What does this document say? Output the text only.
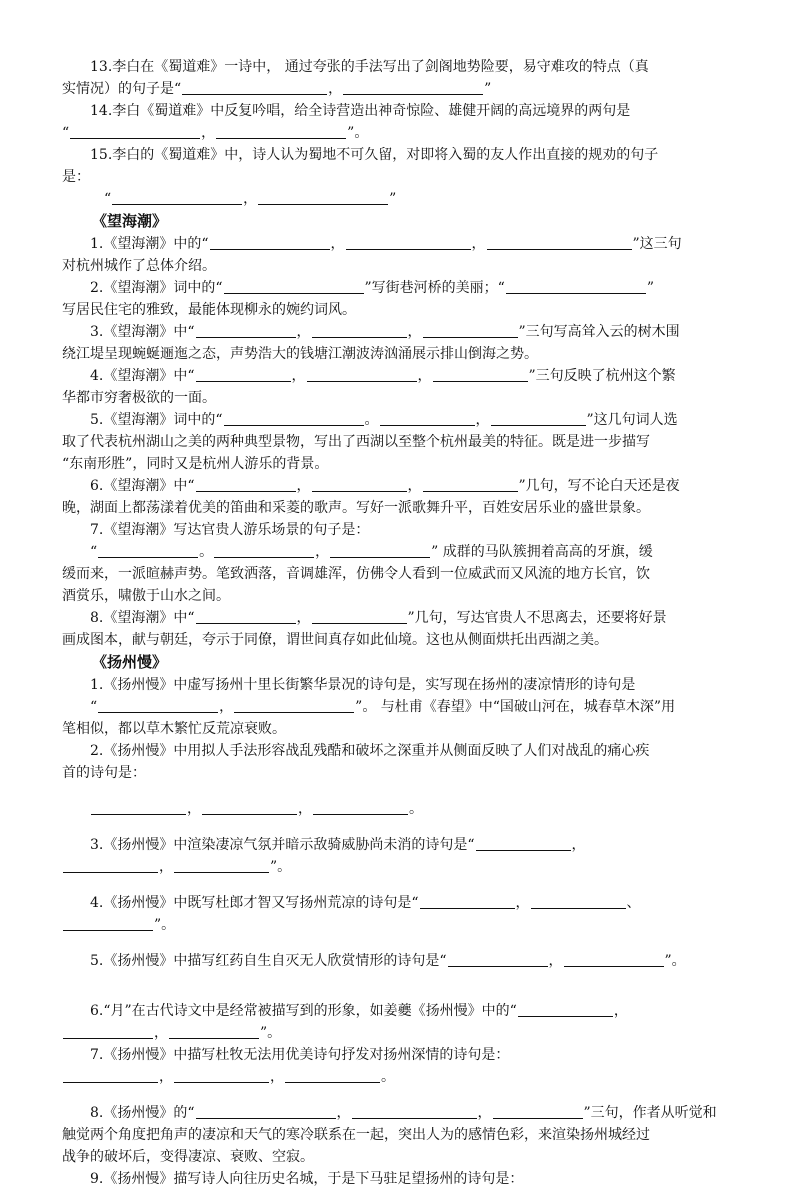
13.李白在《蜀道难》一诗中， 通过夸张的手法写出了剑阁地势险要，易守难攻的特点（真
实情况）的句子是“	，	”
14.李白《蜀道难》中反复吟唱，给全诗营造出神奇惊险、雄健开阔的高远境界的两句是
“	，	”。
15.李白的《蜀道难》中，诗人认为蜀地不可久留，对即将入蜀的友人作出直接的规劝的句子
是：
“	，	”
《望海潮》
1.《望海潮》中的“	，	，	”这三句
对杭州城作了总体介绍。
2.《望海潮》词中的“	”写街巷河桥的美丽；“	”
写居民住宅的雅致，最能体现柳永的婉约词风。
3.《望海潮》中“	，	，	”三句写高耸入云的树木围
绕江堤呈现蜿蜒逦迤之态，声势浩大的钱塘江潮波涛汹涌展示排山倒海之势。
4.《望海潮》中“	，	，	”三句反映了杭州这个繁
华都市穷奢极欲的一面。
5.《望海潮》词中的“	。	，	”这几句词人选
取了代表杭州湖山之美的两种典型景物，写出了西湖以至整个杭州最美的特征。既是进一步描写
“东南形胜”，同时又是杭州人游乐的背景。
6.《望海潮》中“	，	，	”几句，写不论白天还是夜
晚，湖面上都荡漾着优美的笛曲和采菱的歌声。写好一派歌舞升平，百姓安居乐业的盛世景象。
7.《望海潮》写达官贵人游乐场景的句子是：
“	。	，	” 成群的马队簇拥着高高的牙旗，缓
缓而来，一派暄赫声势。笔致洒落，音调雄浑，仿佛令人看到一位威武而又风流的地方长官，饮
酒赏乐，啸傲于山水之间。
8.《望海潮》中“	，	”几句，写达官贵人不思离去，还要将好景
画成图本，献与朝廷，夸示于同僚，谓世间真存如此仙境。这也从侧面烘托出西湖之美。
《扬州慢》
1.《扬州慢》中虚写扬州十里长街繁华景况的诗句是，实写现在扬州的凄凉情形的诗句是
“	，	”。 与杜甫《春望》中“国破山河在，城春草木深”用
笔相似，都以草木繁忙反荒凉衰败。
2.《扬州慢》中用拟人手法形容战乱残酷和破坏之深重并从侧面反映了人们对战乱的痛心疾
首的诗句是：
，	，	。
3.《扬州慢》中渲染凄凉气氛并暗示敌骑威胁尚未消的诗句是“	，
，	”。
4.《扬州慢》中既写杜郎才智又写扬州荒凉的诗句是“	，	、
”。
5.《扬州慢》中描写红药自生自灭无人欣赏情形的诗句是“	，	”。
6.“月”在古代诗文中是经常被描写到的形象，如姜夔《扬州慢》中的“	，
，	”。
7.《扬州慢》中描写杜牧无法用优美诗句抒发对扬州深情的诗句是：
，	，	。
8.《扬州慢》的“	，	，	”三句，作者从听觉和
触觉两个角度把角声的凄凉和天气的寒冷联系在一起，突出人为的感情色彩，来渲染扬州城经过
战争的破坏后，变得凄凉、衰败、空寂。
9.《扬州慢》描写诗人向往历史名城，于是下马驻足望扬州的诗句是：
